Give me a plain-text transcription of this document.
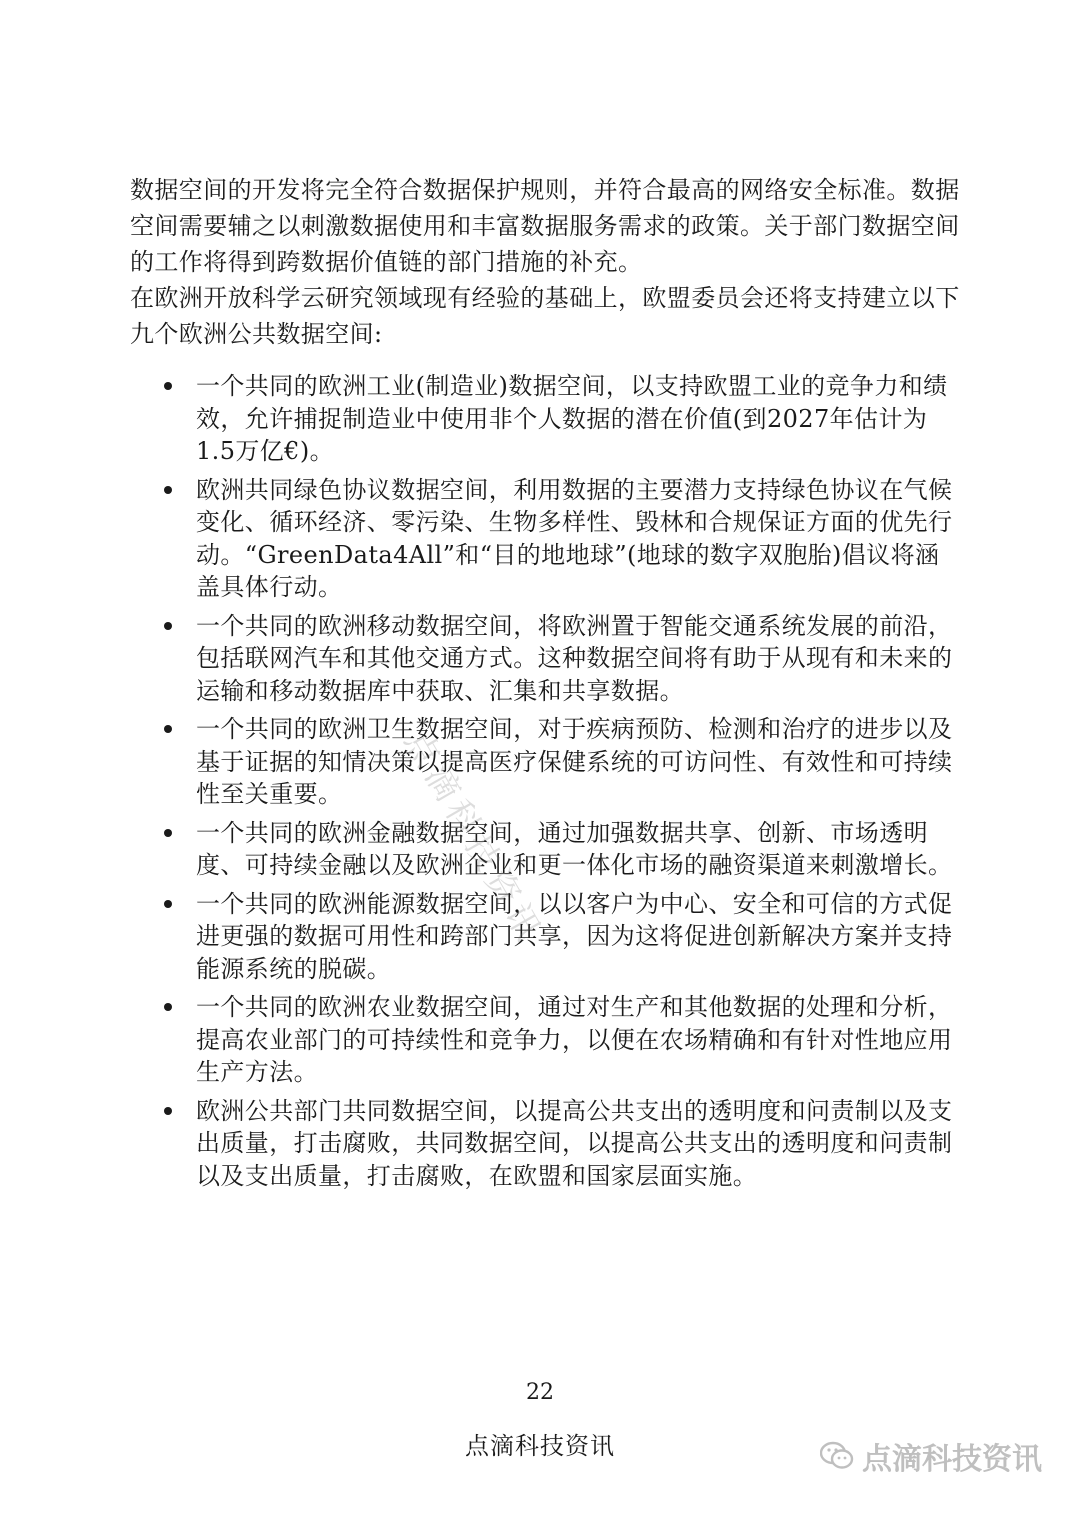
数据空间的开发将完全符合数据保护规则，并符合最高的网络安全标准。数据空间需要辅之以刺激数据使用和丰富数据服务需求的政策。关于部门数据空间的工作将得到跨数据价值链的部门措施的补充。

在欧洲开放科学云研究领域现有经验的基础上，欧盟委员会还将支持建立以下九个欧洲公共数据空间:

一个共同的欧洲工业(制造业)数据空间，以支持欧盟工业的竞争力和绩效，允许捕捉制造业中使用非个人数据的潜在价值(到2027年估计为1.5万亿€)。
欧洲共同绿色协议数据空间，利用数据的主要潜力支持绿色协议在气候变化、循环经济、零污染、生物多样性、毁林和合规保证方面的优先行动。“GreenData4All”和“目的地地球”(地球的数字双胞胎)倡议将涵盖具体行动。
一个共同的欧洲移动数据空间，将欧洲置于智能交通系统发展的前沿，包括联网汽车和其他交通方式。这种数据空间将有助于从现有和未来的运输和移动数据库中获取、汇集和共享数据。
一个共同的欧洲卫生数据空间，对于疾病预防、检测和治疗的进步以及基于证据的知情决策以提高医疗保健系统的可访问性、有效性和可持续性至关重要。
一个共同的欧洲金融数据空间，通过加强数据共享、创新、市场透明度、可持续金融以及欧洲企业和更一体化市场的融资渠道来刺激增长。
一个共同的欧洲能源数据空间，以以客户为中心、安全和可信的方式促进更强的数据可用性和跨部门共享，因为这将促进创新解决方案并支持能源系统的脱碳。
一个共同的欧洲农业数据空间，通过对生产和其他数据的处理和分析，提高农业部门的可持续性和竞争力，以便在农场精确和有针对性地应用生产方法。
欧洲公共部门共同数据空间，以提高公共支出的透明度和问责制以及支出质量，打击腐败，共同数据空间，以提高公共支出的透明度和问责制以及支出质量，打击腐败，在欧盟和国家层面实施。
点滴科技资讯
22
点滴科技资讯	点滴科技资讯
